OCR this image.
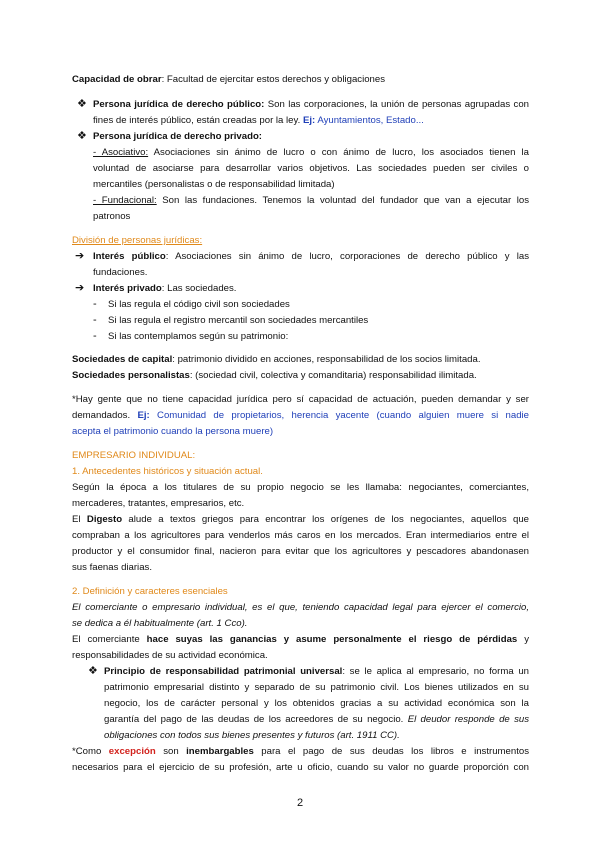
Capacidad de obrar: Facultad de ejercitar estos derechos y obligaciones
❖ Persona jurídica de derecho público: Son las corporaciones, la unión de personas agrupadas con
fines de interés público, están creadas por la ley. Ej: Ayuntamientos, Estado...
❖ Persona jurídica de derecho privado:
- Asociativo: Asociaciones sin ánimo de lucro o con ánimo de lucro, los asociados tienen la
voluntad de asociarse para desarrollar varios objetivos. Las sociedades pueden ser civiles o
mercantiles (personalistas o de responsabilidad limitada)
- Fundacional: Son las fundaciones. Tenemos la voluntad del fundador que van a ejecutar los
patronos
División de personas jurídicas:
➔ Interés público: Asociaciones sin ánimo de lucro, corporaciones de derecho público y las
fundaciones.
➔ Interés privado: Las sociedades.
- Si las regula el código civil son sociedades
- Si las regula el registro mercantil son sociedades mercantiles
- Si las contemplamos según su patrimonio:
Sociedades de capital: patrimonio dividido en acciones, responsabilidad de los socios limitada.
Sociedades personalistas: (sociedad civil, colectiva y comanditaria) responsabilidad ilimitada.
*Hay gente que no tiene capacidad jurídica pero sí capacidad de actuación, pueden demandar y ser
demandados. Ej: Comunidad de propietarios, herencia yacente (cuando alguien muere si nadie
acepta el patrimonio cuando la persona muere)
EMPRESARIO INDIVIDUAL:
1. Antecedentes históricos y situación actual.
Según la época a los titulares de su propio negocio se les llamaba: negociantes, comerciantes,
mercaderes, tratantes, empresarios, etc.
El Digesto alude a textos griegos para encontrar los orígenes de los negociantes, aquellos que
compraban a los agricultores para venderlos más caros en los mercados. Eran intermediarios entre el
productor y el consumidor final, nacieron para evitar que los agricultores y pescadores abandonasen
sus faenas diarias.
2. Definición y caracteres esenciales
El comerciante o empresario individual, es el que, teniendo capacidad legal para ejercer el comercio,
se dedica a él habitualmente (art. 1 Cco).
El comerciante hace suyas las ganancias y asume personalmente el riesgo de pérdidas y
responsabilidades de su actividad económica.
❖ Principio de responsabilidad patrimonial universal: se le aplica al empresario, no forma un
patrimonio empresarial distinto y separado de su patrimonio civil. Los bienes utilizados en su
negocio, los de carácter personal y los obtenidos gracias a su actividad económica son la
garantía del pago de las deudas de los acreedores de su negocio. El deudor responde de sus
obligaciones con todos sus bienes presentes y futuros (art. 1911 CC).
*Como excepción son inembargables para el pago de sus deudas los libros e instrumentos
necesarios para el ejercicio de su profesión, arte u oficio, cuando su valor no guarde proporción con
2
